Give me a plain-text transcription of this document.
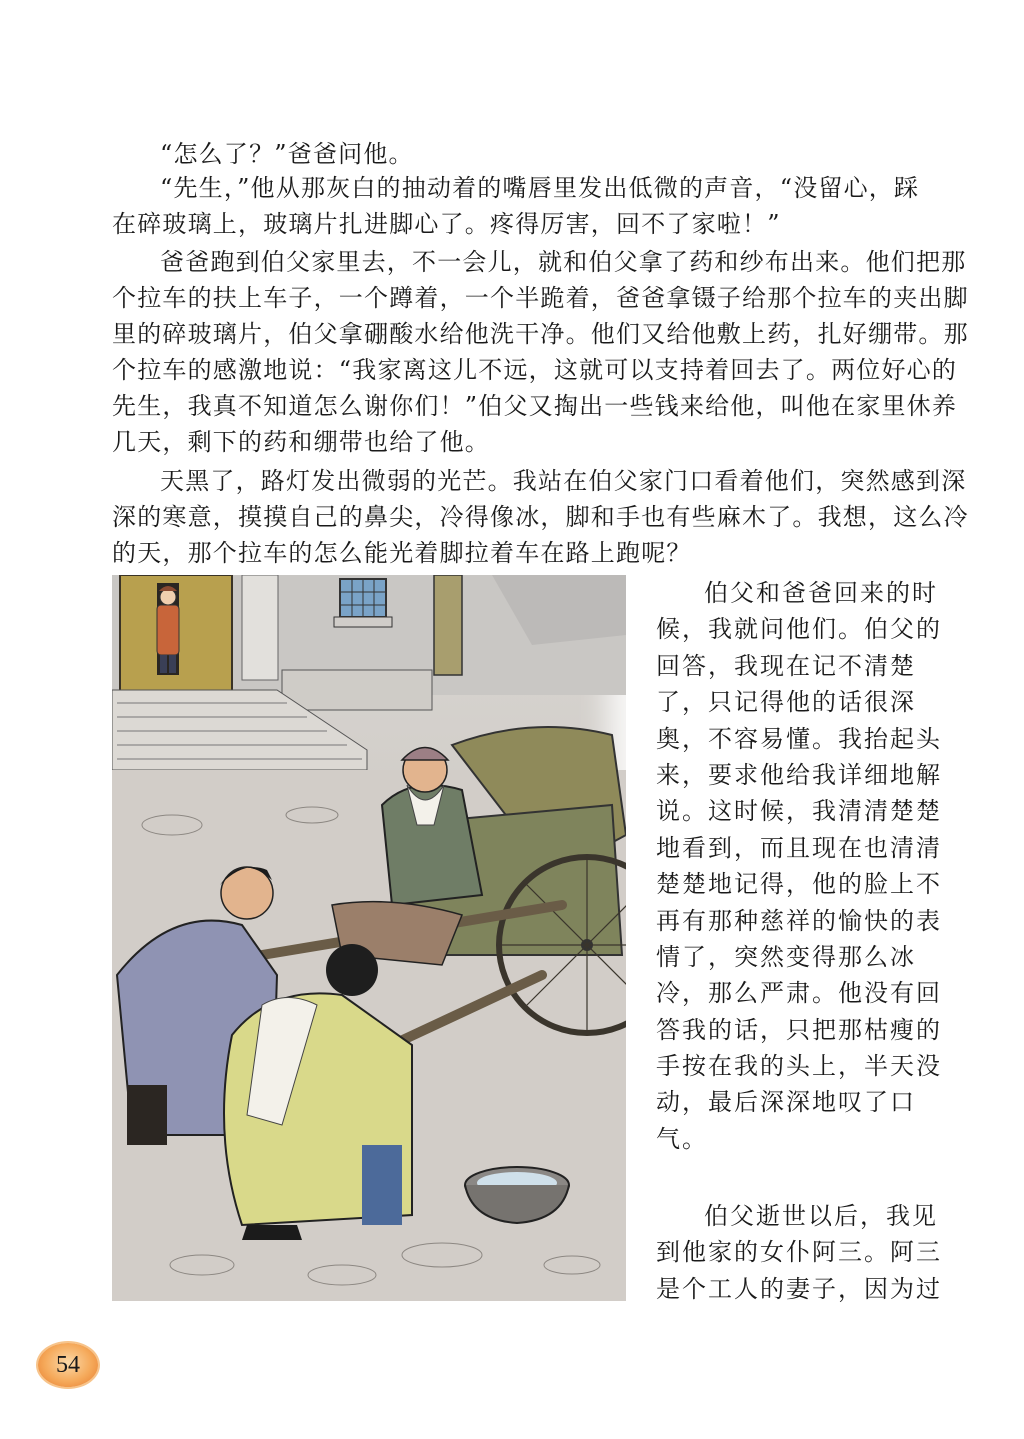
“怎么了？”爸爸问他。
“先生，”他从那灰白的抽动着的嘴唇里发出低微的声音，“没留心，踩
在碎玻璃上，玻璃片扎进脚心了。疼得厉害，回不了家啦！”
爸爸跑到伯父家里去，不一会儿，就和伯父拿了药和纱布出来。他们把那
个拉车的扶上车子，一个蹲着，一个半跪着，爸爸拿镊子给那个拉车的夹出脚
里的碎玻璃片，伯父拿硼酸水给他洗干净。他们又给他敷上药，扎好绷带。那
个拉车的感激地说：“我家离这儿不远，这就可以支持着回去了。两位好心的
先生，我真不知道怎么谢你们！”伯父又掏出一些钱来给他，叫他在家里休养
几天，剩下的药和绷带也给了他。
天黑了，路灯发出微弱的光芒。我站在伯父家门口看着他们，突然感到深
深的寒意，摸摸自己的鼻尖，冷得像冰，脚和手也有些麻木了。我想，这么冷
的天，那个拉车的怎么能光着脚拉着车在路上跑呢？
伯父和爸爸回来的时
候，我就问他们。伯父的
回答，我现在记不清楚
了，只记得他的话很深
奥，不容易懂。我抬起头
来，要求他给我详细地解
说。这时候，我清清楚楚
地看到，而且现在也清清
楚楚地记得，他的脸上不
再有那种慈祥的愉快的表
情了，突然变得那么冰
冷，那么严肃。他没有回
答我的话，只把那枯瘦的
手按在我的头上，半天没
动，最后深深地叹了口
气。
伯父逝世以后，我见
到他家的女仆阿三。阿三
是个工人的妻子，因为过
54
